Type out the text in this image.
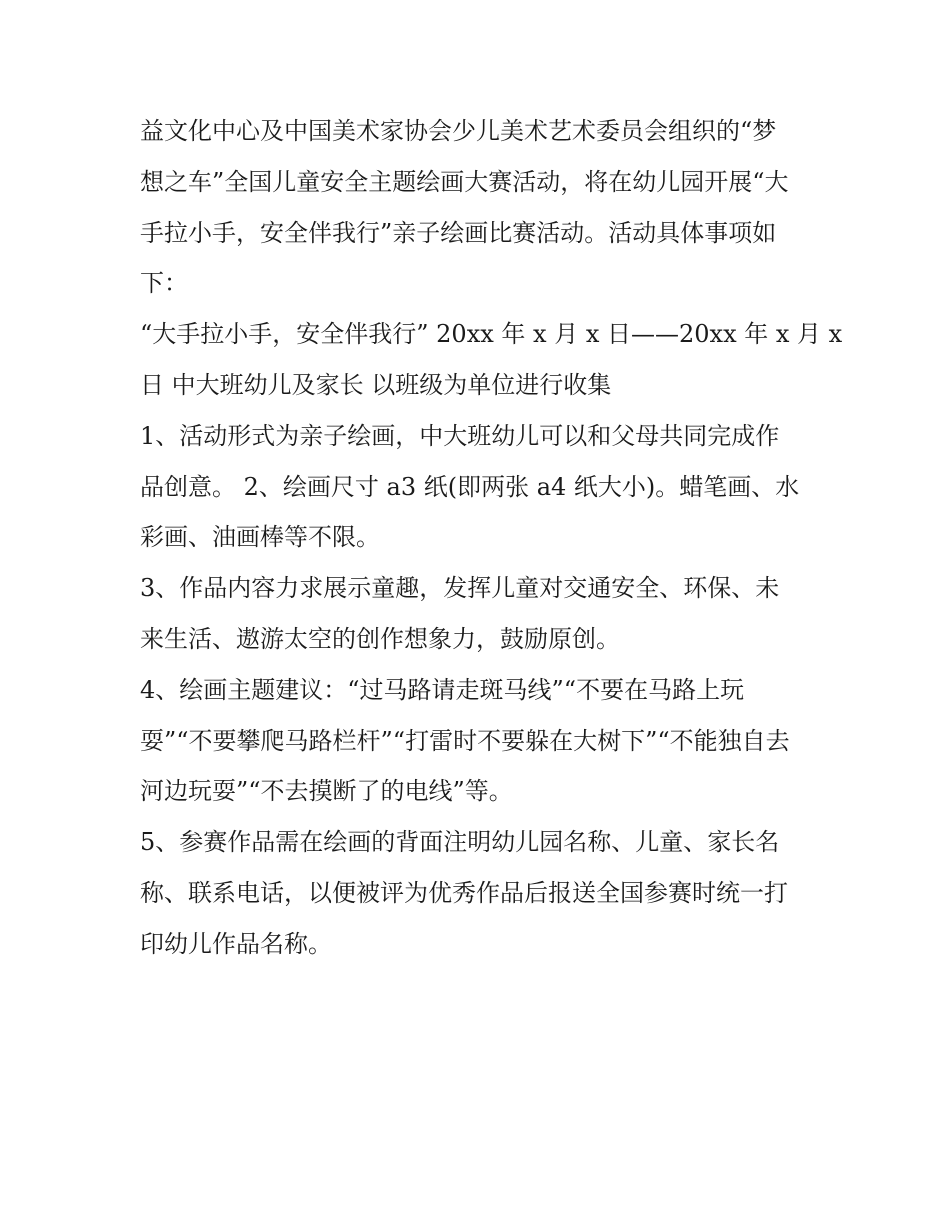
益文化中心及中国美术家协会少儿美术艺术委员会组织的“梦
想之车”全国儿童安全主题绘画大赛活动，将在幼儿园开展“大
手拉小手，安全伴我行”亲子绘画比赛活动。活动具体事项如
下：
“大手拉小手，安全伴我行” 20xx 年 x 月 x 日——20xx 年 x 月 x
日 中大班幼儿及家长 以班级为单位进行收集
1、活动形式为亲子绘画，中大班幼儿可以和父母共同完成作
品创意。 2、绘画尺寸 a3 纸(即两张 a4 纸大小)。蜡笔画、水
彩画、油画棒等不限。
3、作品内容力求展示童趣，发挥儿童对交通安全、环保、未
来生活、遨游太空的创作想象力，鼓励原创。
4、绘画主题建议：“过马路请走斑马线”“不要在马路上玩
耍”“不要攀爬马路栏杆”“打雷时不要躲在大树下”“不能独自去
河边玩耍”“不去摸断了的电线”等。
5、参赛作品需在绘画的背面注明幼儿园名称、儿童、家长名
称、联系电话，以便被评为优秀作品后报送全国参赛时统一打
印幼儿作品名称。
